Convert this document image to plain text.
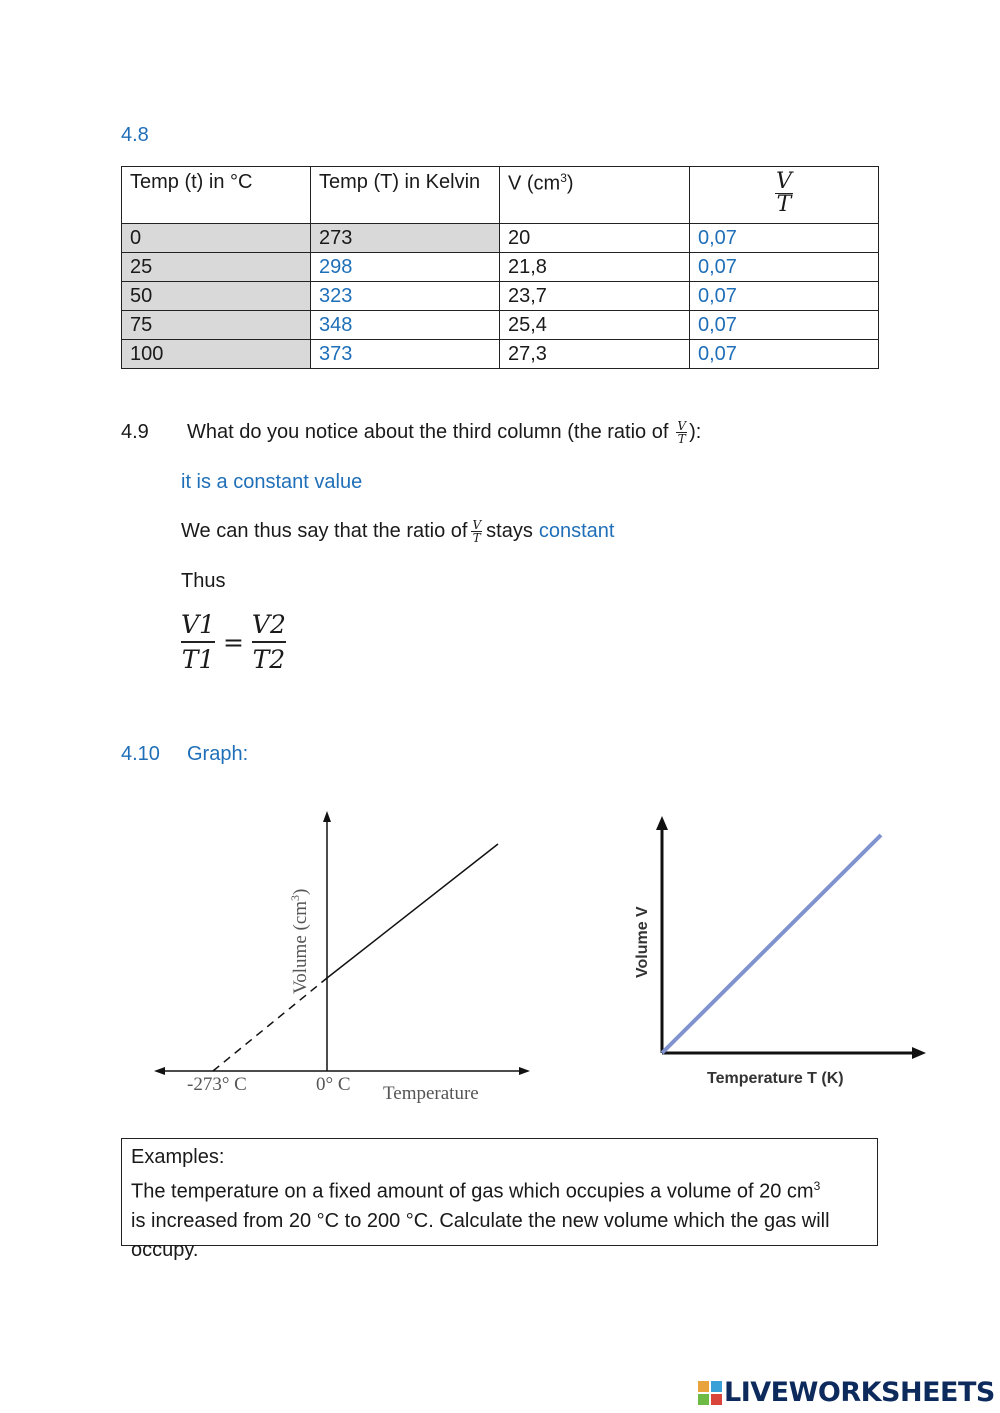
4.8
Temp (t) in °C	Temp (T) in Kelvin	V $(cm^3)$	$\frac{V}{T}$

0	273	20	0,07
25	298	21,8	0,07
50	323	23,7	0,07
75	348	25,4	0,07
100	373	27,3	0,07
4.9 What do you notice about the third column (the ratio of $\frac{V}{T}$ ):
it is a constant value
We can thus say that the ratio of $\frac{V}{T}$ stays constant
Thus
$\frac{V1}{T1} = \frac{V2}{T2}$
4.10 Graph:
-273° C	0° C Temperature
Volume $(cm^3)$
Temperature T (K)
Volume V
Examples:
The temperature on a fixed amount of gas which occupies a volume of 20 $cm^3$
is increased from 20 °C to 200 °C. Calculate the new volume which the gas will
occupy.
LIVEWORKSHEETS
